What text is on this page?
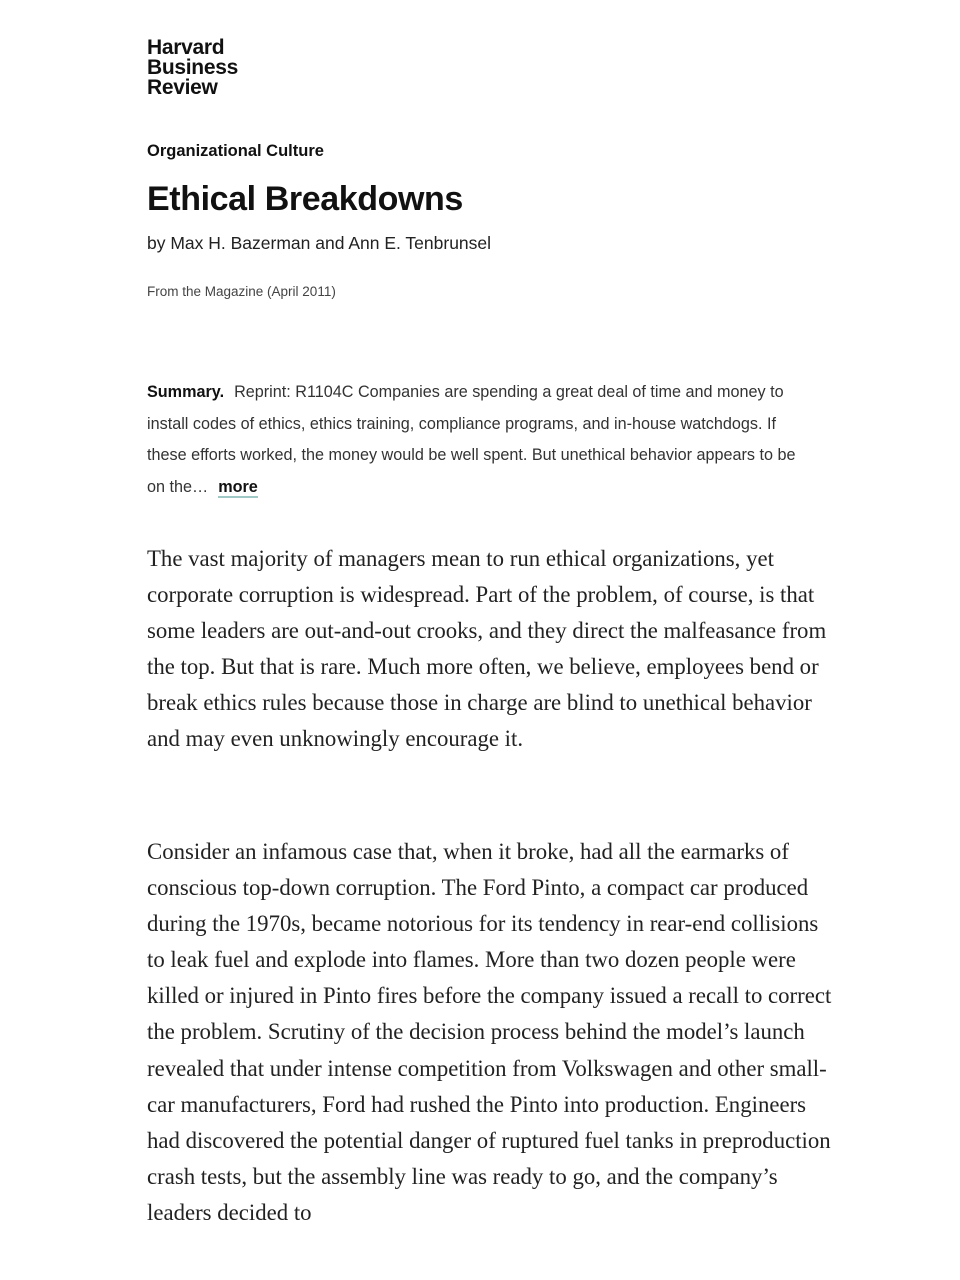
Harvard
Business
Review
Organizational Culture
Ethical Breakdowns
by Max H. Bazerman and Ann E. Tenbrunsel
From the Magazine (April 2011)
Summary. Reprint: R1104C Companies are spending a great deal of time and money to install codes of ethics, ethics training, compliance programs, and in-house watchdogs. If these efforts worked, the money would be well spent. But unethical behavior appears to be on the… more

The vast majority of managers mean to run ethical organizations, yet corporate corruption is widespread. Part of the problem, of course, is that some leaders are out-and-out crooks, and they direct the malfeasance from the top. But that is rare. Much more often, we believe, employees bend or break ethics rules because those in charge are blind to unethical behavior and may even unknowingly encourage it.

Consider an infamous case that, when it broke, had all the earmarks of conscious top-down corruption. The Ford Pinto, a compact car produced during the 1970s, became notorious for its tendency in rear-end collisions to leak fuel and explode into flames. More than two dozen people were killed or injured in Pinto fires before the company issued a recall to correct the problem. Scrutiny of the decision process behind the model’s launch revealed that under intense competition from Volkswagen and other small-car manufacturers, Ford had rushed the Pinto into production. Engineers had discovered the potential danger of ruptured fuel tanks in preproduction crash tests, but the assembly line was ready to go, and the company’s leaders decided to
